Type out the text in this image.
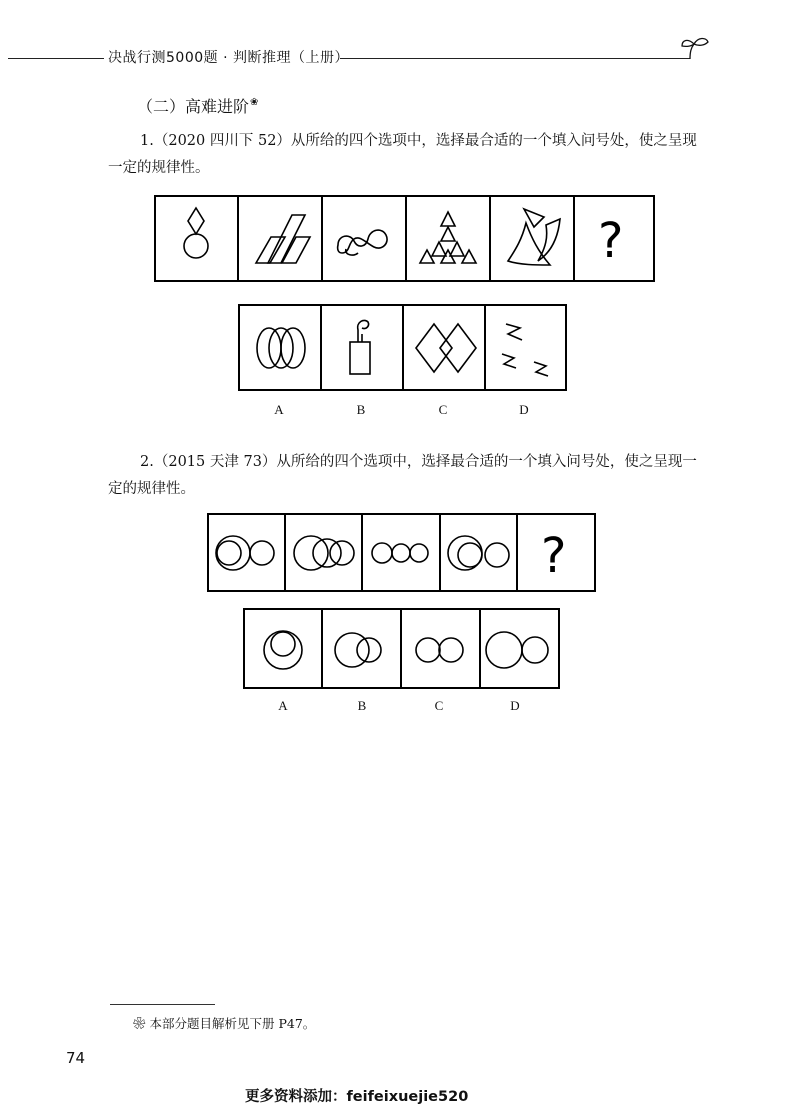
决战行测5000题 · 判断推理（上册）
（二）高难进阶❀
1.（2020 四川下 52）从所给的四个选项中，选择最合适的一个填入问号处，使之呈现一定的规律性。
?
A	B	C	D
2.（2015 天津 73）从所给的四个选项中，选择最合适的一个填入问号处，使之呈现一定的规律性。
?
A	B	C	D
❀ 本部分题目解析见下册 P47。
74
更多资料添加：feifeixuejie520
